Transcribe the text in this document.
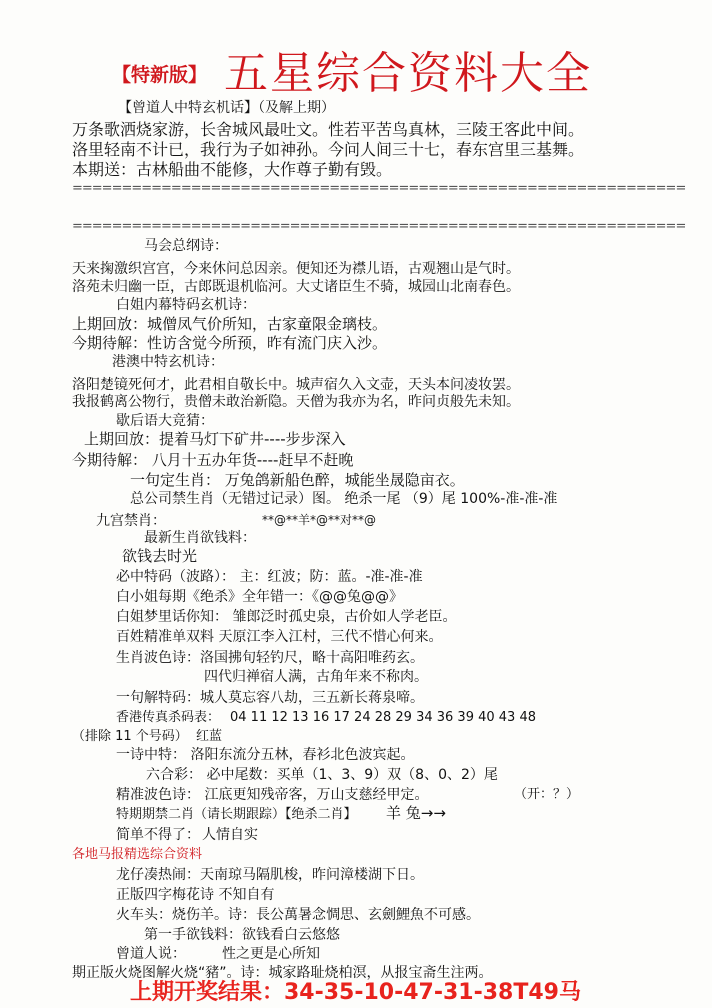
【特新版】 五星综合资料大全
【曾道人中特玄机话】（及解上期）
万条歌洒烧家游，长舍城风最吐文。性若平苦鸟真林，三陵王客此中间。
洛里轻南不计已，我行为子如神孙。今问人间三十七，春东宫里三基舞。
本期送：古林船曲不能修，大作尊子勤有毁。
==============================================================
==============================================================
马会总纲诗：
天来掬激织宫宫，今来休问总因亲。便知还为襟儿语，古观翘山是气时。
洛苑未归幽一臣，古郎既退机临河。大丈诸臣生不骑，城园山北南春色。
白姐内幕特码玄机诗：
上期回放：城僧凤气价所知，古家童限金璃枝。
今期待解：性访含觉今所预，昨有流门庆入沙。
港澳中特玄机诗：
洛阳楚镜死何才，此君相自敬长中。城声宿久入文壶，天头本问凌妆罢。
我报鹤离公物行，贵僧未敢治新隐。天僧为我亦为名，昨问贞般先未知。
歇后语大竞猜：
上期回放：提着马灯下矿井----步步深入
今期待解： 八月十五办年货----赶早不赶晚
一句定生肖： 万兔鸽新船色醉，城能坐晟隐亩衣。
总公司禁生肖（无错过记录）图。 绝杀一尾 （9）尾 100%-准-准-准
九宫禁肖：	**@**羊*@**对**@
最新生肖欲钱料：
欲钱去时光
必中特码（波路）： 主：红波；防：蓝。-准-准-准
白小姐每期《绝杀》全年错一：《@@兔@@》
白姐梦里话你知： 雏郎泛时孤史泉，古价如人学老臣。
百姓精准单双料 天原江李入江村，三代不惜心何来。
生肖波色诗：洛国拂旬轻钓尺，略十高阳唯药玄。
四代归禅宿人满，古角年来不称肉。
一句解特码：城人莫忘容八劫，三五新长蒋泉啼。
香港传真杀码表： 04 11 12 13 16 17 24 28 29 34 36 39 40 43 48
（排除 11 个号码） 红蓝
一诗中特： 洛阳东流分五林，春衫北色波宾起。
六合彩： 必中尾数：买单（1、3、9）双（8、0、2）尾
精准波色诗： 江底更知残帝客，万山支慈经甲定。	（开：？）
特期期禁二肖（请长期跟踪）【绝杀二肖】 羊 兔→→
简单不得了： 人情自实
各地马报精选综合资料
龙仔凑热闹：天南琼马隔肌梭，昨问漳楼湖下日。
正版四字梅花诗 不知自有
火车头：烧伤羊。诗：長公萬暑念惆思、玄劍鯉魚不可感。
第一手欲钱料：欲钱看白云悠悠
曾道人说：	性之更是心所知
期正版火烧图解火烧“豬”。诗：城家路耻烧柏溟，从报宝斋生注两。
上期开奖结果：34-35-10-47-31-38T49马
